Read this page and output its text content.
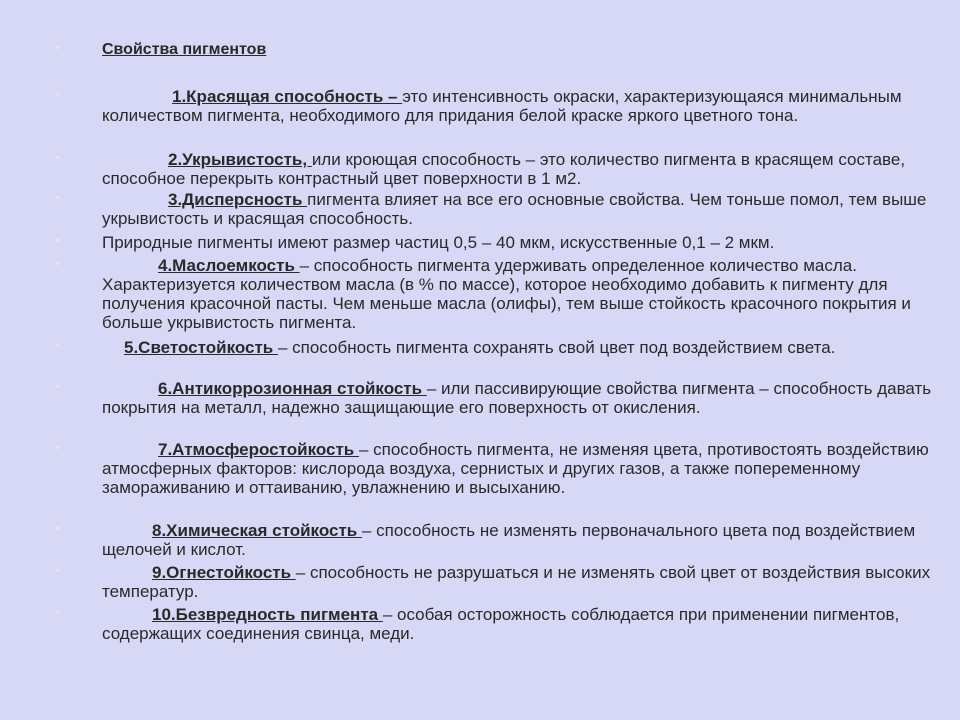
▫	Свойства пигментов
▫	1.Красящая способность – это интенсивность окраски, характеризующаяся минимальным количеством пигмента, необходимого для придания белой краске яркого цветного тона.
▫	2.Укрывистость, или кроющая способность – это количество пигмента в красящем составе, способное перекрыть контрастный цвет поверхности в 1 м2.
▫	3.Дисперсность пигмента влияет на все его основные свойства. Чем тоньше помол, тем выше укрывистость и красящая способность.
▫	Природные пигменты имеют размер частиц 0,5 – 40 мкм, искусственные 0,1 – 2 мкм.
▫	4.Маслоемкость – способность пигмента удерживать определенное количество масла. Характеризуется количеством масла (в % по массе), которое необходимо добавить к пигменту для получения красочной пасты. Чем меньше масла (олифы), тем выше стойкость красочного покрытия и больше укрывистость пигмента.
▫	5.Светостойкость – способность пигмента сохранять свой цвет под воздействием света.
▫	6.Антикоррозионная стойкость – или пассивирующие свойства пигмента – способность давать покрытия на металл, надежно защищающие его поверхность от окисления.
▫	7.Атмосферостойкость – способность пигмента, не изменяя цвета, противостоять воздействию атмосферных факторов: кислорода воздуха, сернистых и других газов, а также попеременному замораживанию и оттаиванию, увлажнению и высыханию.
▫	8.Химическая стойкость – способность не изменять первоначального цвета под воздействием щелочей и кислот.
▫	9.Огнестойкость – способность не разрушаться и не изменять свой цвет от воздействия высоких температур.
▫	10.Безвредность пигмента – особая осторожность соблюдается при применении пигментов, содержащих соединения свинца, меди.
